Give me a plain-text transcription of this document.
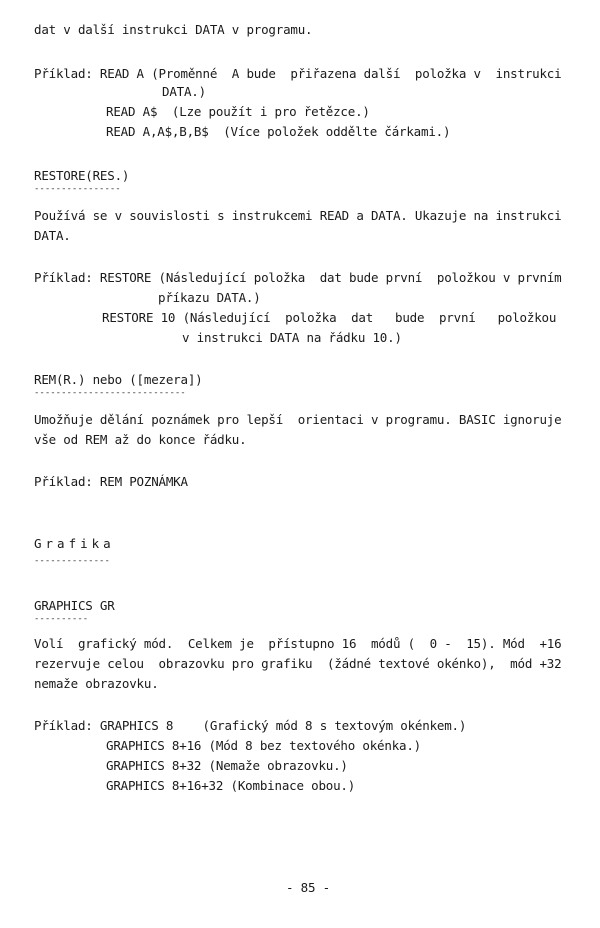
dat v další instrukci DATA v programu.
Příklad: READ A (Proměnné  A bude  přiřazena další  položka v  instrukci
DATA.)
READ A$  (Lze použít i pro řetězce.)
READ A,A$,B,B$  (Více položek oddělte čárkami.)
RESTORE(RES.)
----------------
Používá se v souvislosti s instrukcemi READ a DATA. Ukazuje na instrukci
DATA.
Příklad: RESTORE (Následující položka  dat bude první  položkou v prvním
příkazu DATA.)
RESTORE 10 (Následující  položka  dat   bude  první   položkou
v instrukci DATA na řádku 10.)
REM(R.) nebo ([mezera])
----------------------------
Umožňuje dělání poznámek pro lepší  orientaci v programu. BASIC ignoruje
vše od REM až do konce řádku.
Příklad: REM POZNÁMKA
Grafika
--------------
GRAPHICS GR
----------
Volí  grafický mód.  Celkem je  přístupno 16  módů (  0 -  15). Mód  +16
rezervuje celou  obrazovku pro grafiku  (žádné textové okénko),  mód +32
nemaže obrazovku.
Příklad: GRAPHICS 8    (Grafický mód 8 s textovým okénkem.)
GRAPHICS 8+16 (Mód 8 bez textového okénka.)
GRAPHICS 8+32 (Nemaže obrazovku.)
GRAPHICS 8+16+32 (Kombinace obou.)
- 85 -
